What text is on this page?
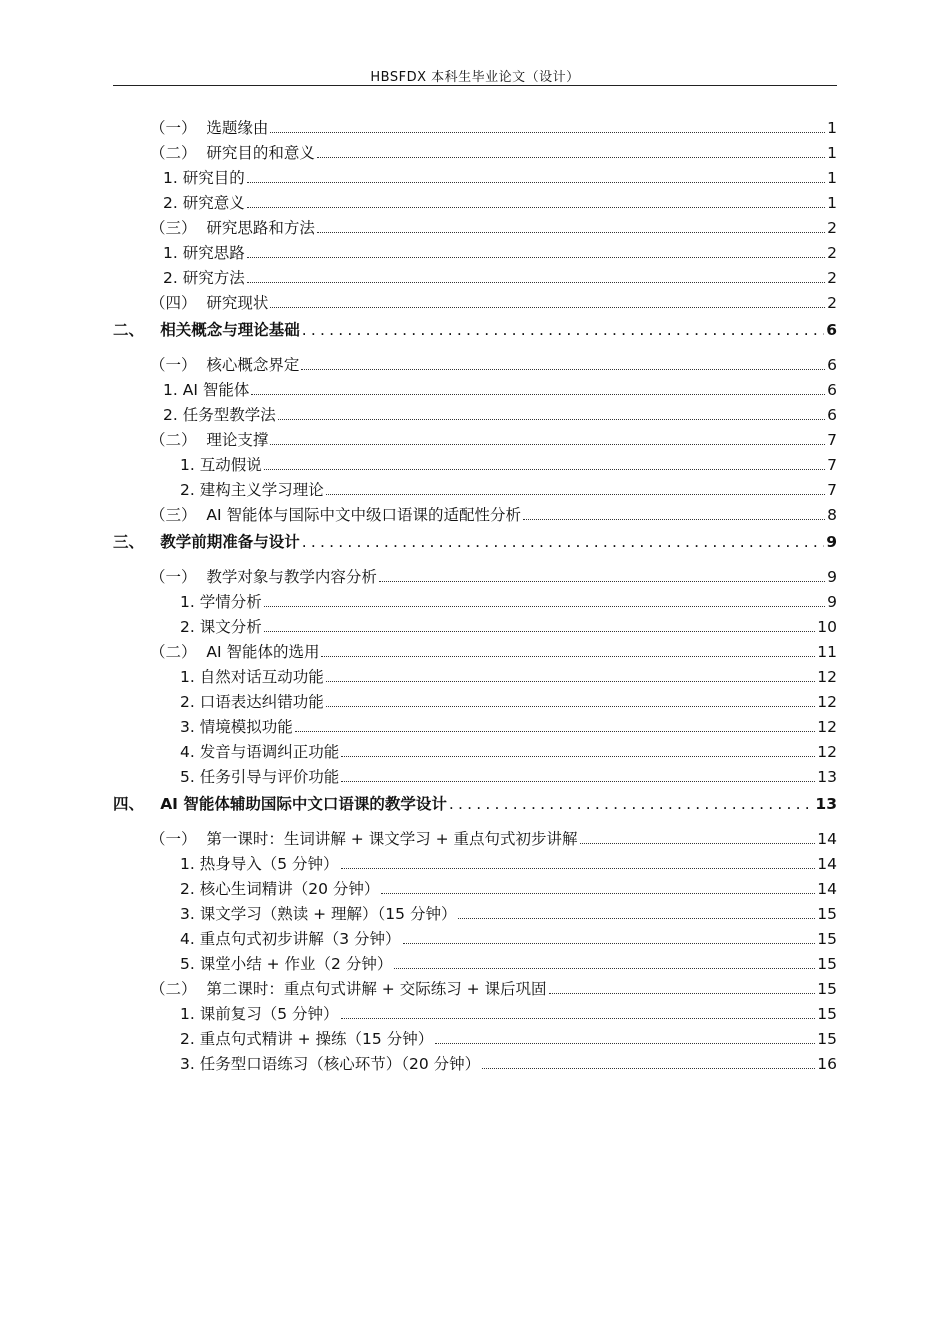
HBSFDX 本科生毕业论文（设计）
（一）  选题缘由	1
（二）  研究目的和意义	1
1. 研究目的	1
2. 研究意义	1
（三）  研究思路和方法	2
1. 研究思路	2
2. 研究方法	2
（四）  研究现状	2
二、   相关概念与理论基础 .....	6
（一）  核心概念界定	6
1. AI 智能体	6
2. 任务型教学法	6
（二）  理论支撑	7
1. 互动假说	7
2. 建构主义学习理论	7
（三）  AI 智能体与国际中文中级口语课的适配性分析	8
三、   教学前期准备与设计 .....	9
（一）  教学对象与教学内容分析	9
1. 学情分析	9
2. 课文分析	10
（二）  AI 智能体的选用	11
1. 自然对话互动功能	12
2. 口语表达纠错功能	12
3. 情境模拟功能	12
4. 发音与语调纠正功能	12
5. 任务引导与评价功能	13
四、   AI 智能体辅助国际中文口语课的教学设计 .....	13
（一）  第一课时：生词讲解 + 课文学习 + 重点句式初步讲解	14
1. 热身导入（5 分钟）	14
2. 核心生词精讲（20 分钟）	14
3. 课文学习（熟读 + 理解）（15 分钟）	15
4. 重点句式初步讲解（3 分钟）	15
5. 课堂小结 + 作业（2 分钟）	15
（二）  第二课时：重点句式讲解 + 交际练习 + 课后巩固	15
1. 课前复习（5 分钟）	15
2. 重点句式精讲 + 操练（15 分钟）	15
3. 任务型口语练习（核心环节）（20 分钟）	16
